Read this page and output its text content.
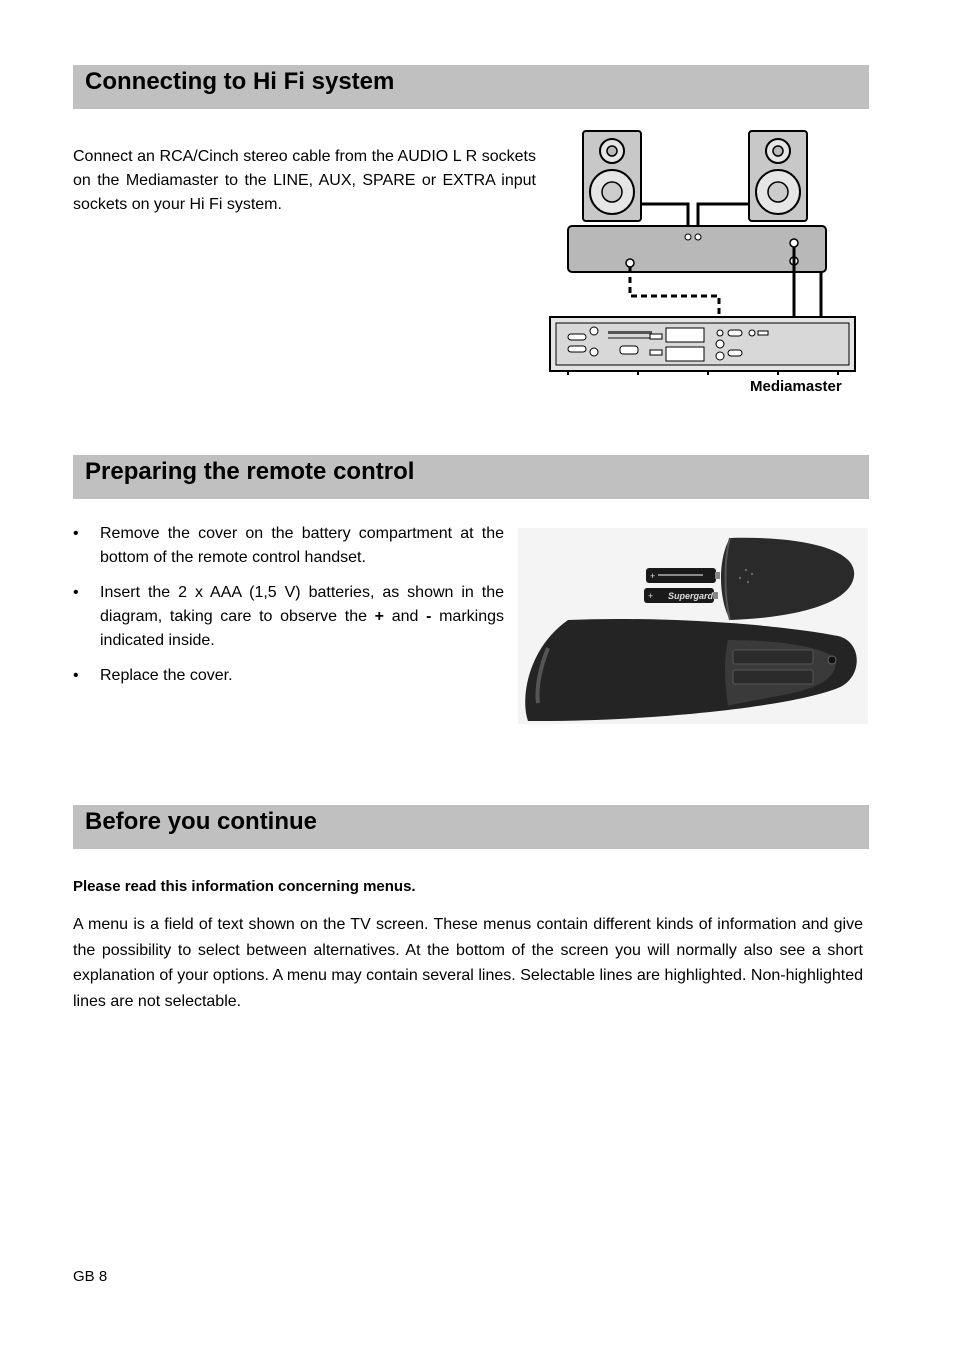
Connecting to Hi Fi system

Connect an RCA/Cinch stereo cable from the AUDIO L R sockets on the Mediamaster to the LINE, AUX, SPARE or EXTRA input sockets on your Hi Fi system.

Mediamaster
Preparing the remote control
• Remove the cover on the battery compartment at the bottom of the remote control handset.
• Insert the 2 x AAA (1,5 V) batteries, as shown in the diagram, taking care to observe the + and - markings indicated inside.
• Replace the cover.
+
Supergard
+
Before you continue

Please read this information concerning menus.

A menu is a field of text shown on the TV screen. These menus contain different kinds of information and give the possibility to select between alternatives. At the bottom of the screen you will normally also see a short explanation of your options. A menu may contain several lines. Selectable lines are highlighted. Non-highlighted lines are not selectable.

GB 8
